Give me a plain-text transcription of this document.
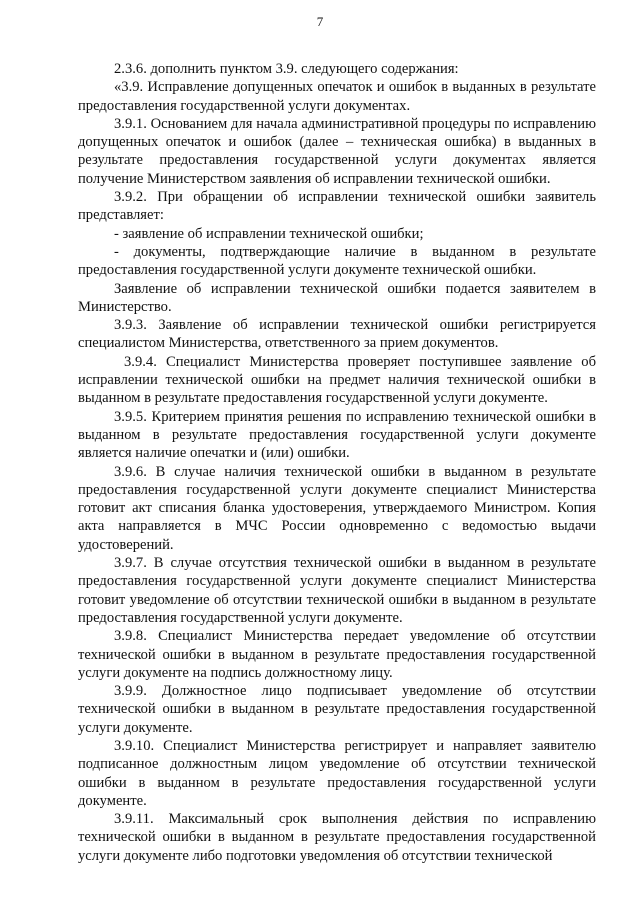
7

2.3.6. дополнить пунктом 3.9. следующего содержания:

«3.9. Исправление допущенных опечаток и ошибок в выданных в результате предоставления государственной услуги документах.

3.9.1. Основанием для начала административной процедуры по исправлению допущенных опечаток и ошибок (далее – техническая ошибка) в выданных в результате предоставления государственной услуги документах является получение Министерством заявления об исправлении технической ошибки.

3.9.2. При обращении об исправлении технической ошибки заявитель представляет:

- заявление об исправлении технической ошибки;

- документы, подтверждающие наличие в выданном в результате предоставления государственной услуги документе технической ошибки.

Заявление об исправлении технической ошибки подается заявителем в Министерство.

3.9.3. Заявление об исправлении технической ошибки регистрируется специалистом Министерства, ответственного за прием документов.

3.9.4. Специалист Министерства проверяет поступившее заявление об исправлении технической ошибки на предмет наличия технической ошибки в выданном в результате предоставления государственной услуги документе.

3.9.5. Критерием принятия решения по исправлению технической ошибки в выданном в результате предоставления государственной услуги документе является наличие опечатки и (или) ошибки.

3.9.6. В случае наличия технической ошибки в выданном в результате предоставления государственной услуги документе специалист Министерства готовит акт списания бланка удостоверения, утверждаемого Министром. Копия акта направляется в МЧС России одновременно с ведомостью выдачи удостоверений.

3.9.7. В случае отсутствия технической ошибки в выданном в результате предоставления государственной услуги документе специалист Министерства готовит уведомление об отсутствии технической ошибки в выданном в результате предоставления государственной услуги документе.

3.9.8. Специалист Министерства передает уведомление об отсутствии технической ошибки в выданном в результате предоставления государственной услуги документе на подпись должностному лицу.

3.9.9. Должностное лицо подписывает уведомление об отсутствии технической ошибки в выданном в результате предоставления государственной услуги документе.

3.9.10. Специалист Министерства регистрирует и направляет заявителю подписанное должностным лицом уведомление об отсутствии технической ошибки в выданном в результате предоставления государственной услуги документе.

3.9.11. Максимальный срок выполнения действия по исправлению технической ошибки в выданном в результате предоставления государственной услуги документе либо подготовки уведомления об отсутствии технической
